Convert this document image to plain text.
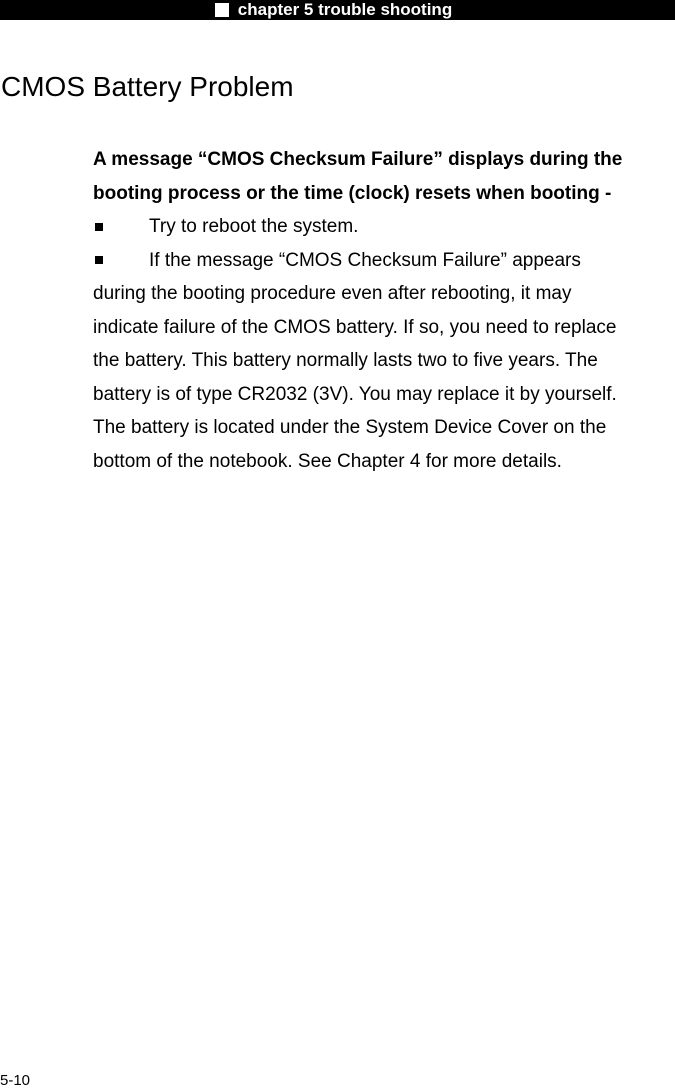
chapter 5 trouble shooting
CMOS Battery Problem
A message “CMOS Checksum Failure” displays during the
booting process or the time (clock) resets when booting -
Try to reboot the system.
If the message “CMOS Checksum Failure” appears
during the booting procedure even after rebooting, it may
indicate failure of the CMOS battery. If so, you need to replace
the battery. This battery normally lasts two to five years. The
battery is of type CR2032 (3V). You may replace it by yourself.
The battery is located under the System Device Cover on the
bottom of the notebook. See Chapter 4 for more details.
5-10
